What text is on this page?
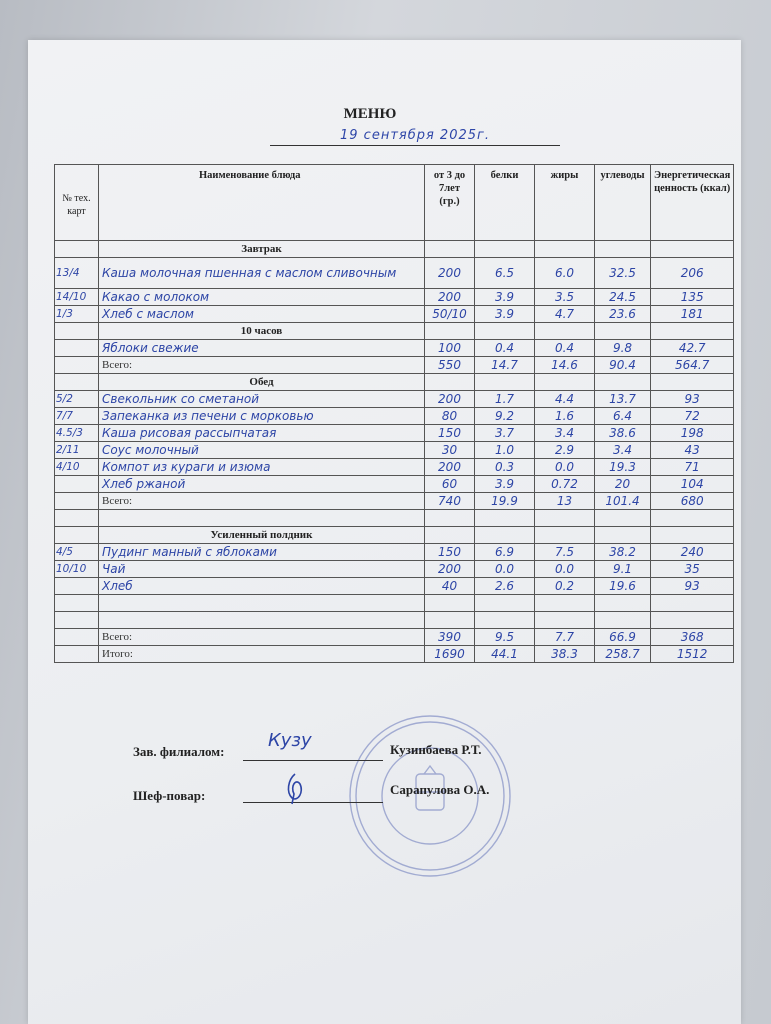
МЕНЮ
19 сентября 2025г.
№ тех. карт	Наименование блюда	от 3 до 7лет (гр.)	белки	жиры	углеводы	Энергетическая ценность (ккал)
	Завтрак					
13/4	Каша молочная пшенная с маслом сливочным	200	6.5	6.0	32.5	206
14/10	Какао с молоком	200	3.9	3.5	24.5	135
1/3	Хлеб с маслом	50/10	3.9	4.7	23.6	181
	10 часов					
	Яблоки свежие	100	0.4	0.4	9.8	42.7
	Всего:	550	14.7	14.6	90.4	564.7
	Обед					
5/2	Свекольник со сметаной	200	1.7	4.4	13.7	93
7/7	Запеканка из печени с морковью	80	9.2	1.6	6.4	72
4.5/3	Каша рисовая рассыпчатая	150	3.7	3.4	38.6	198
2/11	Соус молочный	30	1.0	2.9	3.4	43
4/10	Компот из кураги и изюма	200	0.3	0.0	19.3	71
	Хлеб ржаной	60	3.9	0.72	20	104
	Всего:	740	19.9	13	101.4	680

	Усиленный полдник					
4/5	Пудинг манный с яблоками	150	6.9	7.5	38.2	240
10/10	Чай	200	0.0	0.0	9.1	35
	Хлеб	40	2.6	0.2	19.6	93

	Всего:	390	9.5	7.7	66.9	368
	Итого:	1690	44.1	38.3	258.7	1512
Зав. филиалом:
Кузу	Кузинбаева Р.Т.
Шеф-повар:	Сарапулова О.А.
